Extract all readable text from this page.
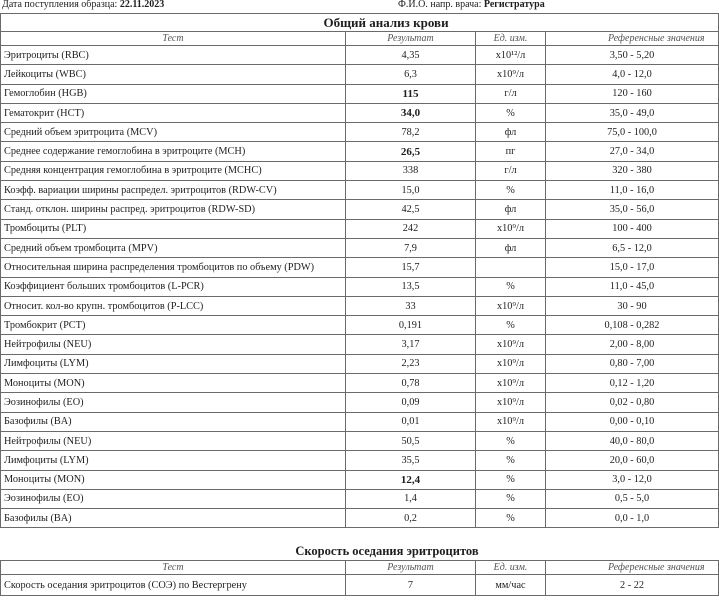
Дата поступления образца: 22.11.2023	Ф.И.О. напр. врача: Регистратура
Общий анализ крови			
Тест	Результат	Ед. изм.	Референсные значения
Эритроциты (RBC)	4,35	x10¹²/л	3,50 - 5,20
Лейкоциты (WBC)	6,3	x10⁹/л	4,0 - 12,0
Гемоглобин (HGB)	115	г/л	120 - 160
Гематокрит (HCT)	34,0	%	35,0 - 49,0
Средний объем эритроцита (MCV)	78,2	фл	75,0 - 100,0
Среднее содержание гемоглобина в эритроците (MCH)	26,5	пг	27,0 - 34,0
Средняя концентрация гемоглобина в эритроците (MCHC)	338	г/л	320 - 380
Коэфф. вариации ширины распредел. эритроцитов (RDW-CV)	15,0	%	11,0 - 16,0
Станд. отклон. ширины распред. эритроцитов (RDW-SD)	42,5	фл	35,0 - 56,0
Тромбоциты (PLT)	242	x10⁹/л	100 - 400
Средний объем тромбоцита (MPV)	7,9	фл	6,5 - 12,0
Относительная ширина распределения тромбоцитов по объему (PDW)	15,7		15,0 - 17,0
Коэффициент больших тромбоцитов (L-PCR)	13,5	%	11,0 - 45,0
Относит. кол-во крупн. тромбоцитов (P-LCC)	33	x10⁹/л	30 - 90
Тромбокрит (PCT)	0,191	%	0,108 - 0,282
Нейтрофилы (NEU)	3,17	x10⁹/л	2,00 - 8,00
Лимфоциты (LYM)	2,23	x10⁹/л	0,80 - 7,00
Моноциты (MON)	0,78	x10⁹/л	0,12 - 1,20
Эозинофилы (EO)	0,09	x10⁹/л	0,02 - 0,80
Базофилы (BA)	0,01	x10⁹/л	0,00 - 0,10
Нейтрофилы (NEU)	50,5	%	40,0 - 80,0
Лимфоциты (LYM)	35,5	%	20,0 - 60,0
Моноциты (MON)	12,4	%	3,0 - 12,0
Эозинофилы (EO)	1,4	%	0,5 - 5,0
Базофилы (BA)	0,2	%	0,0 - 1,0
Скорость оседания эритроцитов
Тест	Результат	Ед. изм.	Референсные значения
Скорость оседания эритроцитов (СОЭ) по Вестергрену	7	мм/час	2 - 22
